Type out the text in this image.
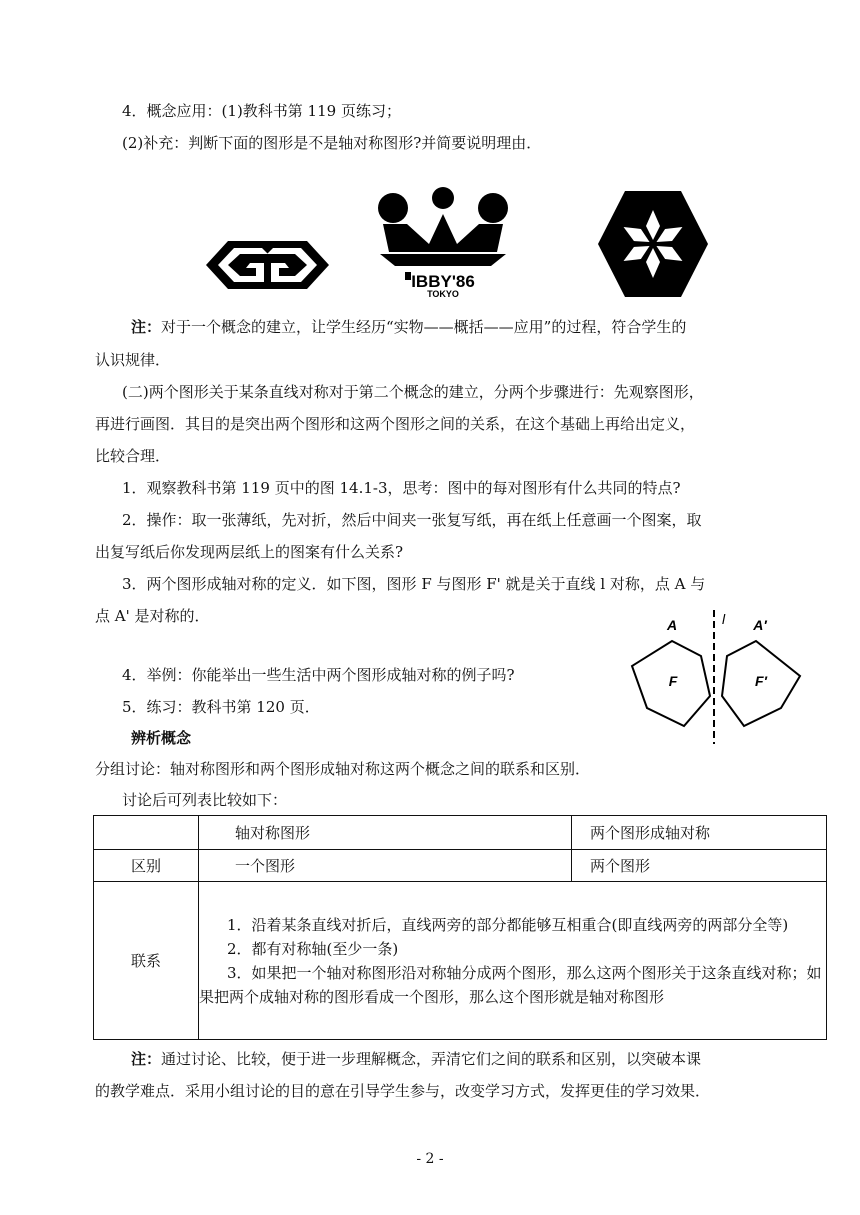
4．概念应用：(1)教科书第 119 页练习；
(2)补充：判断下面的图形是不是轴对称图形?并简要说明理由．
IBBY'86
TOKYO
注：对于一个概念的建立，让学生经历“实物——概括——应用”的过程，符合学生的
认识规律．
(二)两个图形关于某条直线对称对于第二个概念的建立，分两个步骤进行：先观察图形，
再进行画图．其目的是突出两个图形和这两个图形之间的关系，在这个基础上再给出定义，
比较合理．
1．观察教科书第 119 页中的图 14.1-3，思考：图中的每对图形有什么共同的特点?
2．操作：取一张薄纸，先对折，然后中间夹一张复写纸，再在纸上任意画一个图案，取
出复写纸后你发现两层纸上的图案有什么关系?
3．两个图形成轴对称的定义．如下图，图形 F 与图形 F' 就是关于直线 l 对称，点 A 与
点 A' 是对称的．	A	A′
l
F	F′
4．举例：你能举出一些生活中两个图形成轴对称的例子吗?
5．练习：教科书第 120 页．
辨析概念
分组讨论：轴对称图形和两个图形成轴对称这两个概念之间的联系和区别．
讨论后可列表比较如下：
	轴对称图形	两个图形成轴对称
区别	一个图形	两个图形
联系	1．沿着某条直线对折后，直线两旁的部分都能够互相重合(即直线两旁的两部分全等)
2．都有对称轴(至少一条)
3．如果把一个轴对称图形沿对称轴分成两个图形，那么这两个图形关于这条直线对称；如果把两个成轴对称的图形看成一个图形，那么这个图形就是轴对称图形	
注：通过讨论、比较，便于进一步理解概念，弄清它们之间的联系和区别，以突破本课
的教学难点．采用小组讨论的目的意在引导学生参与，改变学习方式，发挥更佳的学习效果．
- 2 -
